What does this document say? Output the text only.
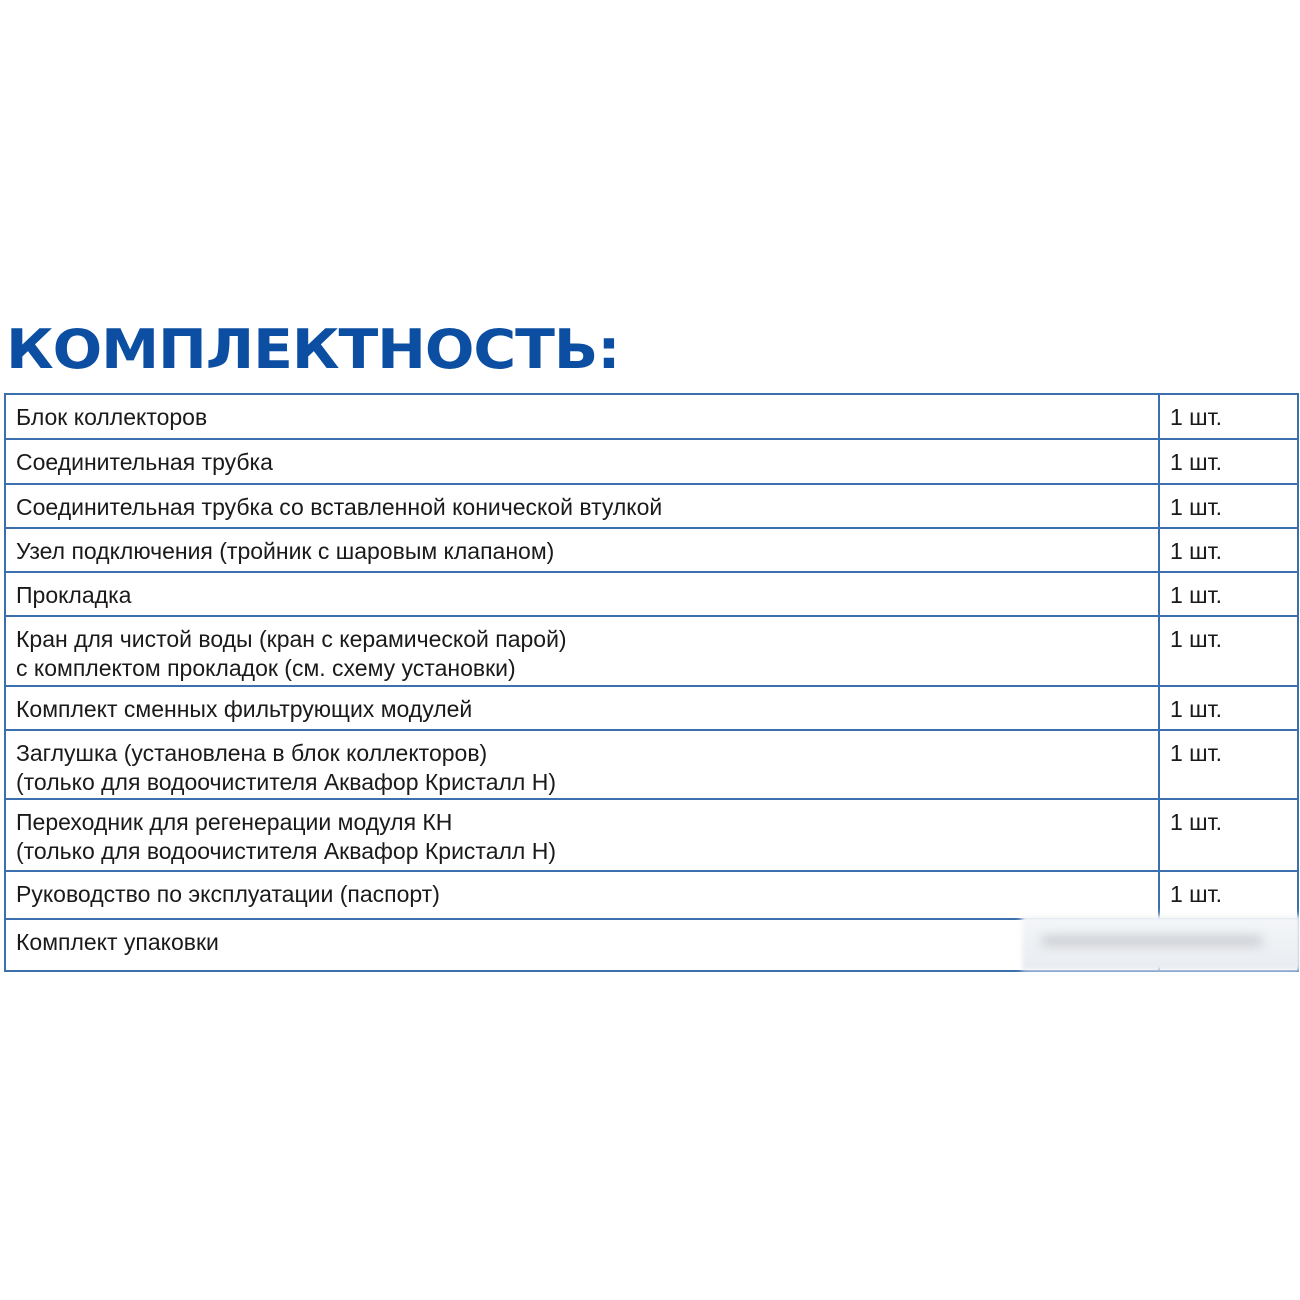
КОМПЛЕКТНОСТЬ:
Блок коллекторов	1 шт.

Соединительная трубка	1 шт.

Соединительная трубка со вставленной конической втулкой	1 шт.

Узел подключения (тройник с шаровым клапаном)	1 шт.

Прокладка	1 шт.

Кран для чистой воды (кран с керамической парой)
с комплектом прокладок (см. схему установки)	1 шт.

Комплект сменных фильтрующих модулей	1 шт.

Заглушка (установлена в блок коллекторов)
(только для водоочистителя Аквафор Кристалл Н)	1 шт.

Переходник для регенерации модуля КН
(только для водоочистителя Аквафор Кристалл Н)	1 шт.

Руководство по эксплуатации (паспорт)	1 шт.

Комплект упаковки	
